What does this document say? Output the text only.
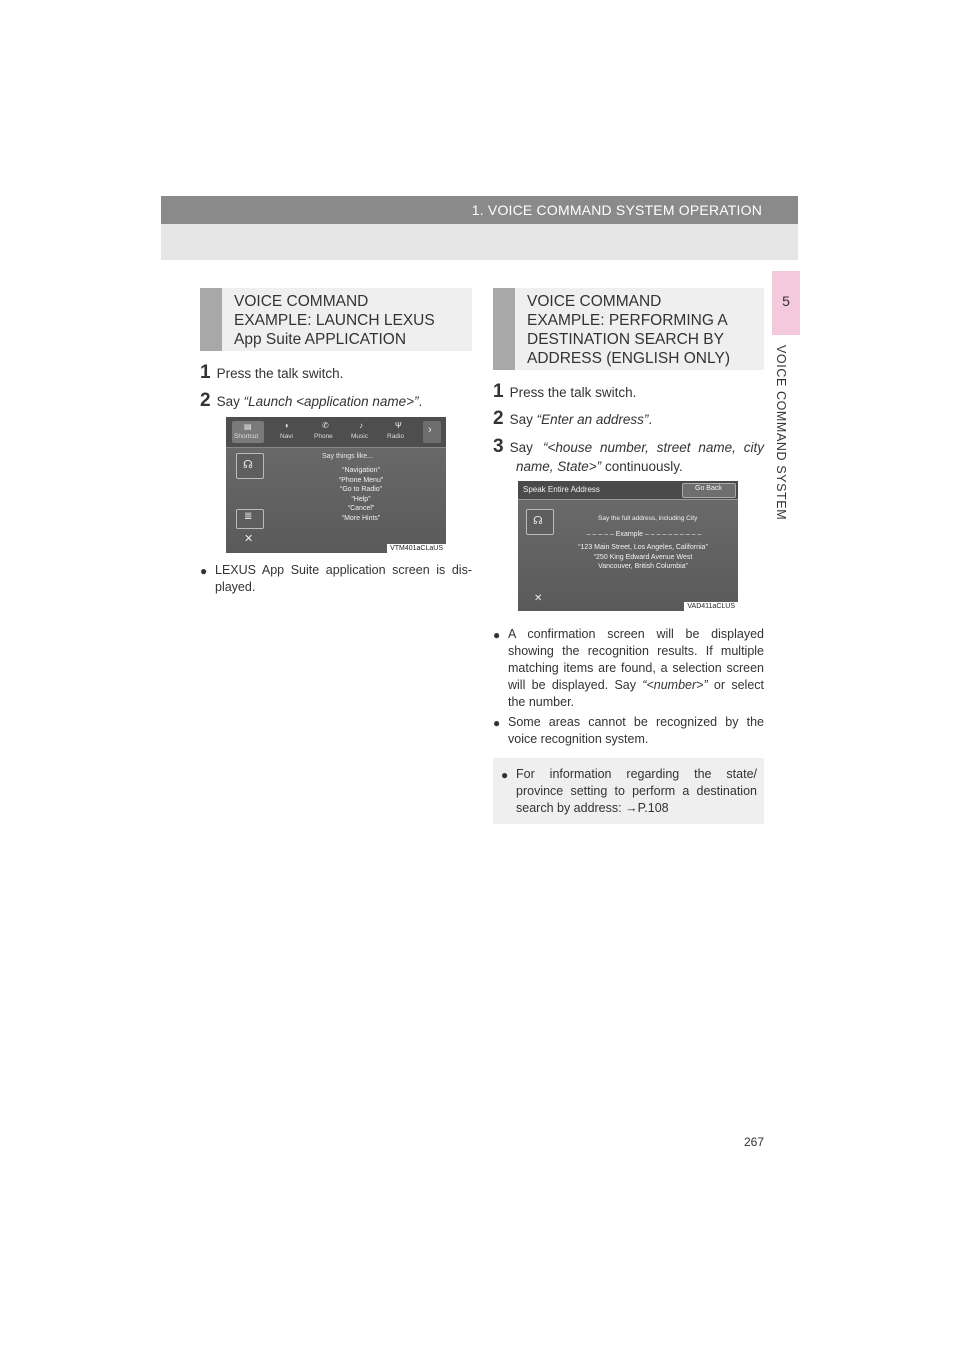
1. VOICE COMMAND SYSTEM OPERATION
5
VOICE COMMAND SYSTEM
VOICE COMMAND
EXAMPLE: LAUNCH LEXUS
App Suite APPLICATION
1 Press the talk switch.
2 Say “Launch <application name>”.
▤
Shortcut
◐
Navi
✆
Phone
♪
Music
Ψ
Radio
›
☊
≣
✕
Say things like...
“Navigation”
“Phone Menu”
“Go to Radio”
“Help”
“Cancel”
“More Hints”
VTM401aCLaUS
● LEXUS App Suite application screen is dis- played.
VOICE COMMAND
EXAMPLE: PERFORMING A
DESTINATION SEARCH BY
ADDRESS (ENGLISH ONLY)
1 Press the talk switch.
2 Say “Enter an address”.
3 Say “<house number, street name, city name, State>” continuously.
Speak Entire Address	Go Back
☊
✕
Say the full address, including City
– – – – – Example – – – – – – – – – –
“123 Main Street, Los Angeles, California”
“250 King Edward Avenue West
Vancouver, British Columbia”
VAD411aCLUS
● A confirmation screen will be displayed showing the recognition results. If multiple matching items are found, a selection screen will be displayed. Say “<number>” or select the number.
● Some areas cannot be recognized by the voice recognition system.
● For information regarding the state/ province setting to perform a destination search by address: →P.108
267
